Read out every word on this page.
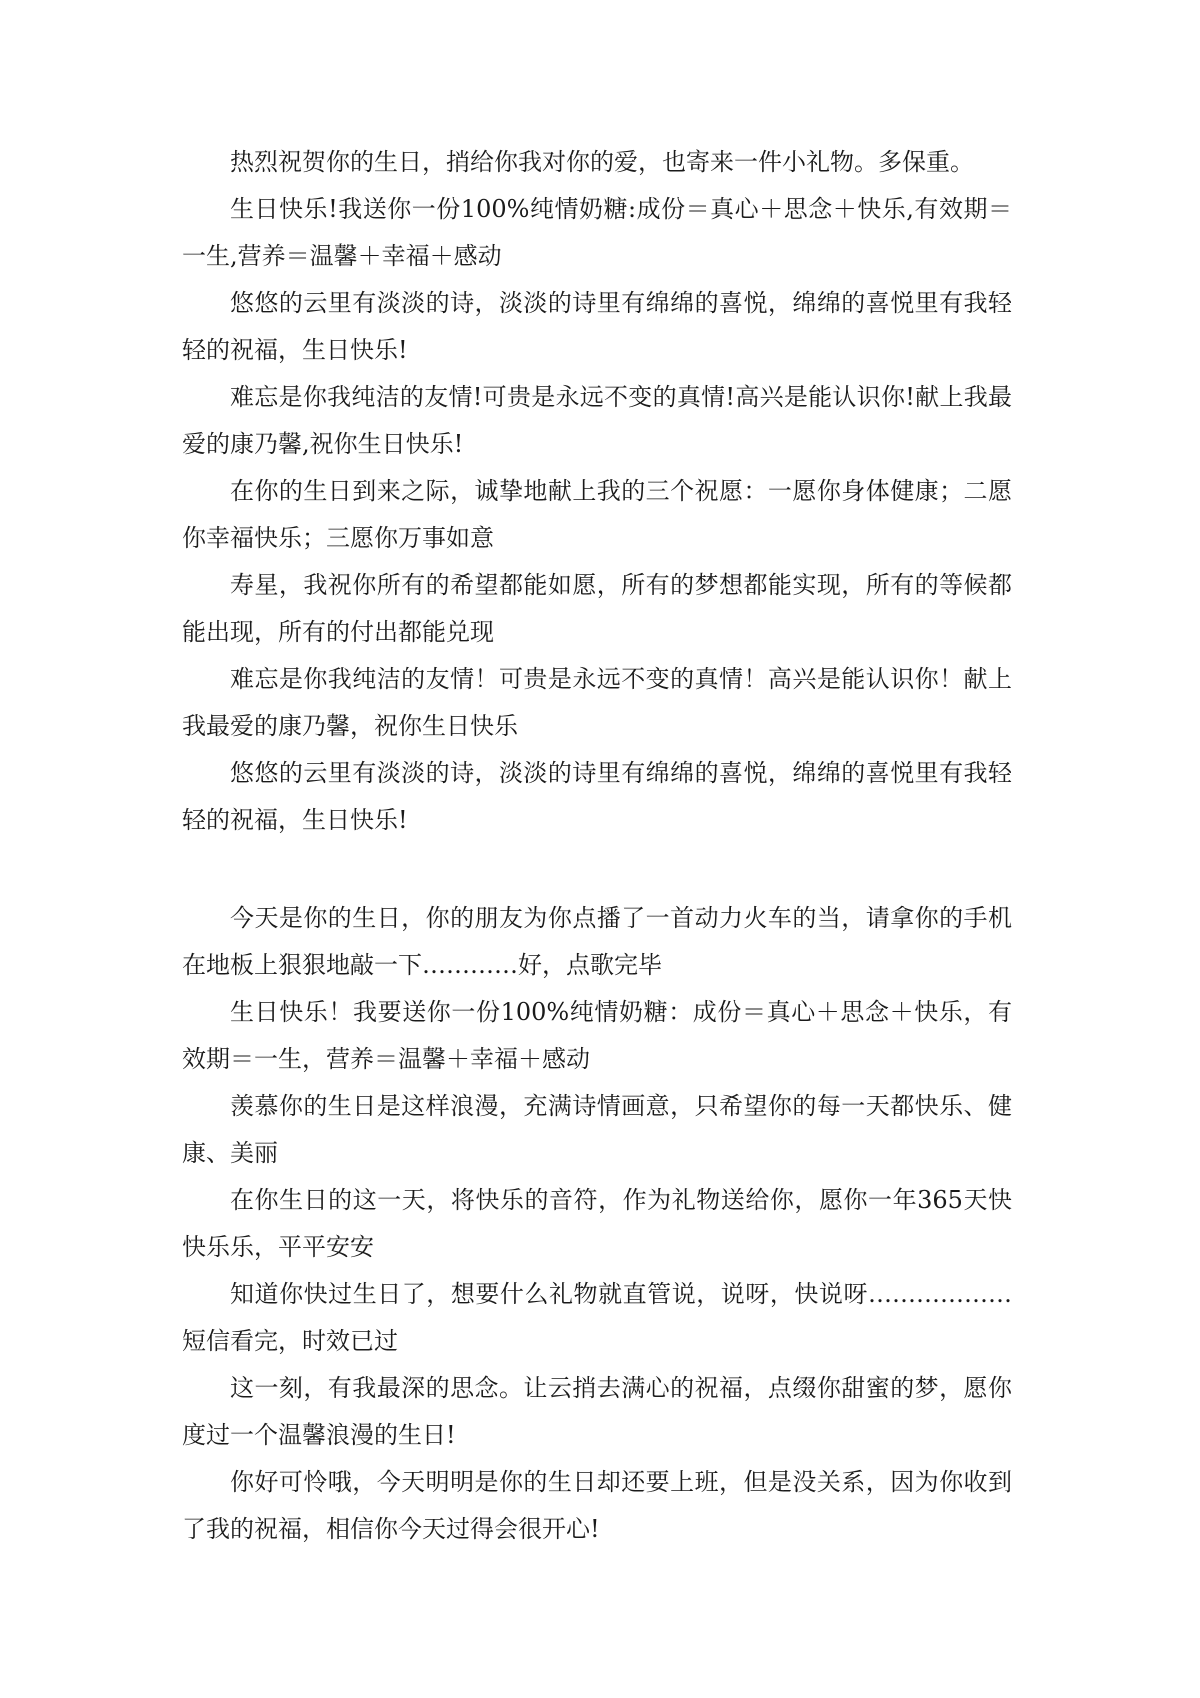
热烈祝贺你的生日，捎给你我对你的爱，也寄来一件小礼物。多保重。

生日快乐!我送你一份100%纯情奶糖:成份＝真心＋思念＋快乐,有效期＝一生,营养＝温馨＋幸福＋感动

悠悠的云里有淡淡的诗，淡淡的诗里有绵绵的喜悦，绵绵的喜悦里有我轻轻的祝福，生日快乐!

难忘是你我纯洁的友情!可贵是永远不变的真情!高兴是能认识你!献上我最爱的康乃馨,祝你生日快乐!

在你的生日到来之际，诚挚地献上我的三个祝愿：一愿你身体健康；二愿你幸福快乐；三愿你万事如意

寿星，我祝你所有的希望都能如愿，所有的梦想都能实现，所有的等候都能出现，所有的付出都能兑现

难忘是你我纯洁的友情！可贵是永远不变的真情！高兴是能认识你！献上我最爱的康乃馨，祝你生日快乐

悠悠的云里有淡淡的诗，淡淡的诗里有绵绵的喜悦，绵绵的喜悦里有我轻轻的祝福，生日快乐!

今天是你的生日，你的朋友为你点播了一首动力火车的当，请拿你的手机在地板上狠狠地敲一下…………好，点歌完毕

生日快乐！我要送你一份100%纯情奶糖：成份＝真心＋思念＋快乐，有效期＝一生，营养＝温馨＋幸福＋感动

羡慕你的生日是这样浪漫，充满诗情画意，只希望你的每一天都快乐、健康、美丽

在你生日的这一天，将快乐的音符，作为礼物送给你，愿你一年365天快快乐乐，平平安安

知道你快过生日了，想要什么礼物就直管说，说呀，快说呀………………短信看完，时效已过

这一刻，有我最深的思念。让云捎去满心的祝福，点缀你甜蜜的梦，愿你度过一个温馨浪漫的生日!

你好可怜哦，今天明明是你的生日却还要上班，但是没关系，因为你收到了我的祝福，相信你今天过得会很开心!
